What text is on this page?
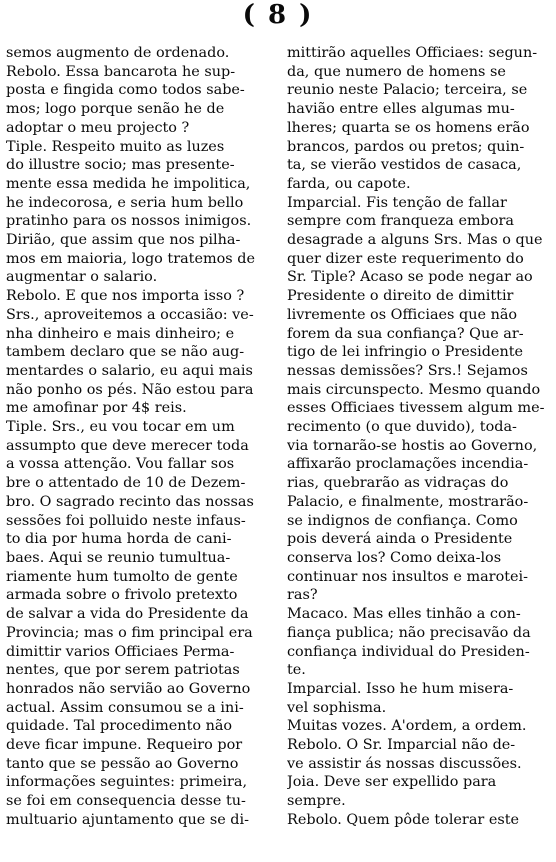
( 8 )
semos augmento de ordenado.
Rebolo. Essa bancarota he sup-
posta e fingida como todos sabe-
mos; logo porque senão he de
adoptar o meu projecto ?
Tiple. Respeito muito as luzes
do illustre socio; mas presente-
mente essa medida he impolitica,
he indecorosa, e seria hum bello
pratinho para os nossos inimigos.
Dirião, que assim que nos pilha-
mos em maioria, logo tratemos de
augmentar o salario.
Rebolo. E que nos importa isso ?
Srs., aproveitemos a occasião: ve-
nha dinheiro e mais dinheiro; e
tambem declaro que se não aug-
mentardes o salario, eu aqui mais
não ponho os pés. Não estou para
me amofinar por 4$ reis.
Tiple. Srs., eu vou tocar em um
assumpto que deve merecer toda
a vossa attenção. Vou fallar sos
bre o attentado de 10 de Dezem-
bro. O sagrado recinto das nossas
sessões foi polluido neste infaus-
to dia por huma horda de cani-
baes. Aqui se reunio tumultua-
riamente hum tumolto de gente
armada sobre o frivolo pretexto
de salvar a vida do Presidente da
Provincia; mas o fim principal era
dimittir varios Officiaes Perma-
nentes, que por serem patriotas
honrados não servião ao Governo
actual. Assim consumou se a ini-
quidade. Tal procedimento não
deve ficar impune. Requeiro por
tanto que se pessão ao Governo
informações seguintes: primeira,
se foi em consequencia desse tu-
multuario ajuntamento que se di-
mittirão aquelles Officiaes: segun-
da, que numero de homens se
reunio neste Palacio; terceira, se
havião entre elles algumas mu-
lheres; quarta se os homens erão
brancos, pardos ou pretos; quin-
ta, se vierão vestidos de casaca,
farda, ou capote.
Imparcial. Fis tenção de fallar
sempre com franqueza embora
desagrade a alguns Srs. Mas o que
quer dizer este requerimento do
Sr. Tiple? Acaso se pode negar ao
Presidente o direito de dimittir
livremente os Officiaes que não
forem da sua confiança? Que ar-
tigo de lei infringio o Presidente
nessas demissões? Srs.! Sejamos
mais circunspecto. Mesmo quando
esses Officiaes tivessem algum me-
recimento (o que duvido), toda-
via tornarão-se hostis ao Governo,
affixarão proclamações incendia-
rias, quebrarão as vidraças do
Palacio, e finalmente, mostrarão-
se indignos de confiança. Como
pois deverá ainda o Presidente
conserva los? Como deixa-los
continuar nos insultos e marotei-
ras?
Macaco. Mas elles tinhão a con-
fiança publica; não precisavão da
confiança individual do Presiden-
te.
Imparcial. Isso he hum misera-
vel sophisma.
Muitas vozes. A'ordem, a ordem.
Rebolo. O Sr. Imparcial não de-
ve assistir ás nossas discussões.
Joia. Deve ser expellido para
sempre.
Rebolo. Quem pôde tolerar este
